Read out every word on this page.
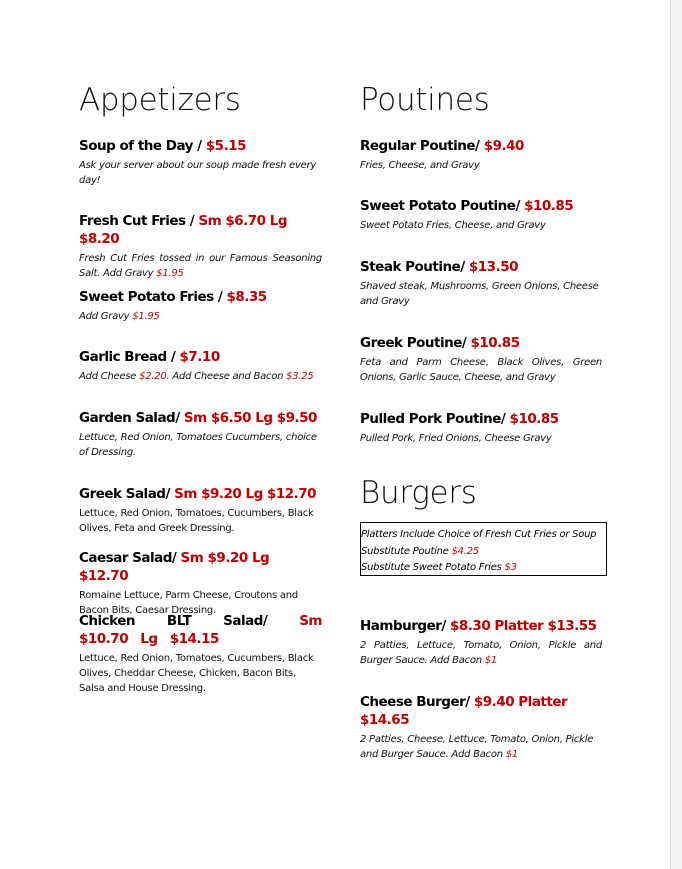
Appetizers
Soup of the Day / $5.15
Ask your server about our soup made fresh every day!
Fresh Cut Fries / Sm $6.70 Lg $8.20
Fresh Cut Fries tossed in our Famous Seasoning Salt. Add Gravy $1.95
Sweet Potato Fries / $8.35
Add Gravy $1.95
Garlic Bread / $7.10
Add Cheese $2.20. Add Cheese and Bacon $3.25
Garden Salad/ Sm $6.50 Lg $9.50
Lettuce, Red Onion, Tomatoes Cucumbers, choice of Dressing.
Greek Salad/ Sm $9.20 Lg $12.70
Lettuce, Red Onion, Tomatoes, Cucumbers, Black Olives, Feta and Greek Dressing.
Caesar Salad/ Sm $9.20 Lg $12.70
Romaine Lettuce, Parm Cheese, Croutons and Bacon Bits, Caesar Dressing.
Chicken BLT Salad/ Sm $10.70 Lg $14.15
Lettuce, Red Onion, Tomatoes, Cucumbers, Black Olives, Cheddar Cheese, Chicken, Bacon Bits, Salsa and House Dressing.
Poutines
Regular Poutine/ $9.40
Fries, Cheese, and Gravy
Sweet Potato Poutine/ $10.85
Sweet Potato Fries, Cheese, and Gravy
Steak Poutine/ $13.50
Shaved steak, Mushrooms, Green Onions, Cheese and Gravy
Greek Poutine/ $10.85
Feta and Parm Cheese, Black Olives, Green Onions, Garlic Sauce, Cheese, and Gravy
Pulled Pork Poutine/ $10.85
Pulled Pork, Fried Onions, Cheese Gravy
Burgers
Platters Include Choice of Fresh Cut Fries or Soup
Substitute Poutine $4.25
Substitute Sweet Potato Fries $3
Hamburger/ $8.30 Platter $13.55
2 Patties, Lettuce, Tomato, Onion, Pickle and Burger Sauce. Add Bacon $1
Cheese Burger/ $9.40 Platter $14.65
2 Patties, Cheese, Lettuce, Tomato, Onion, Pickle and Burger Sauce. Add Bacon $1
